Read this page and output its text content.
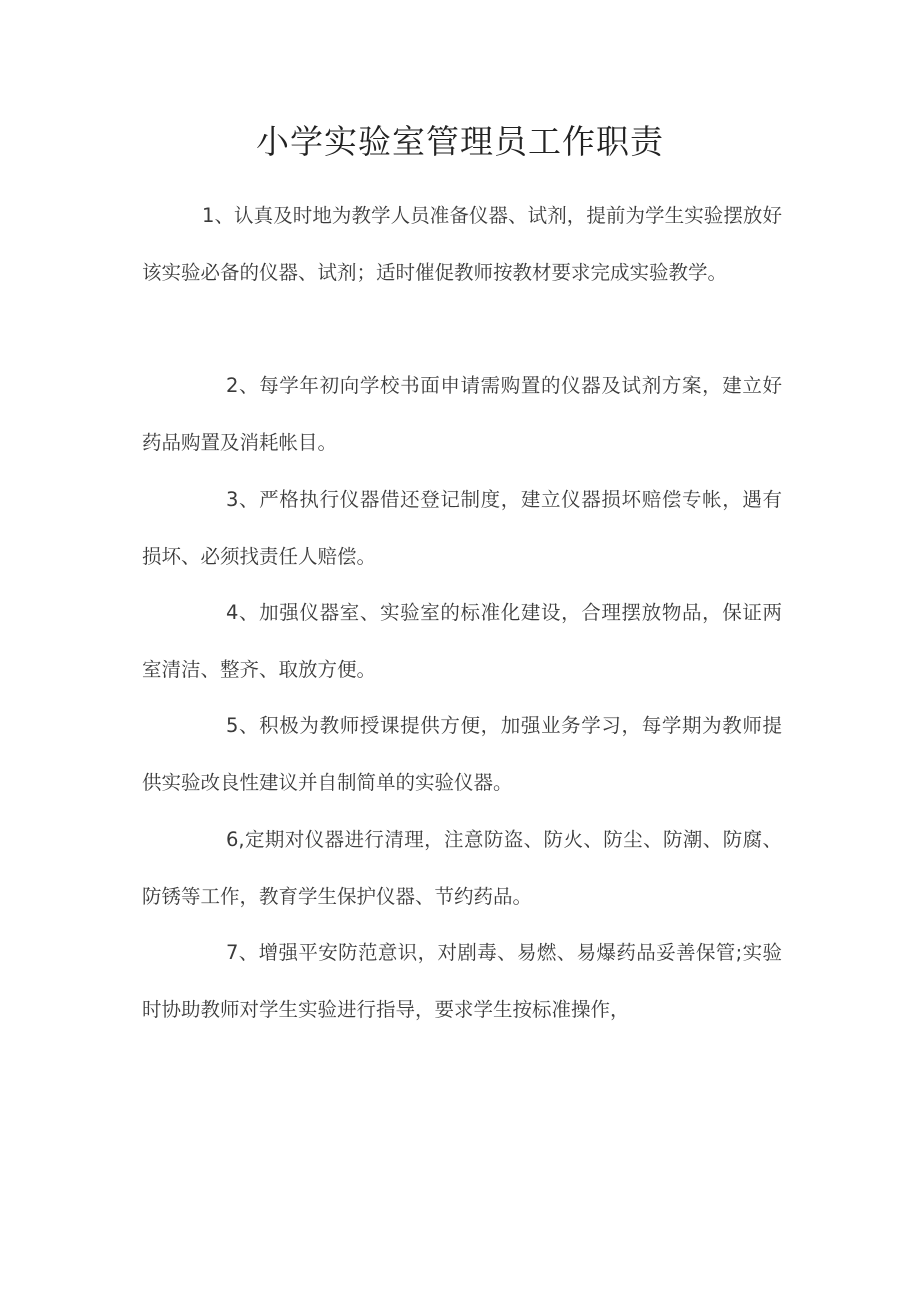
小学实验室管理员工作职责

1、认真及时地为教学人员准备仪器、试剂，提前为学生实验摆放好该实验必备的仪器、试剂；适时催促教师按教材要求完成实验教学。

2、每学年初向学校书面申请需购置的仪器及试剂方案，建立好药品购置及消耗帐目。

3、严格执行仪器借还登记制度，建立仪器损坏赔偿专帐，遇有损坏、必须找责任人赔偿。

4、加强仪器室、实验室的标准化建设，合理摆放物品，保证两室清洁、整齐、取放方便。

5、积极为教师授课提供方便，加强业务学习，每学期为教师提供实验改良性建议并自制简单的实验仪器。

6,定期对仪器进行清理，注意防盗、防火、防尘、防潮、防腐、防锈等工作，教育学生保护仪器、节约药品。

7、增强平安防范意识，对剧毒、易燃、易爆药品妥善保管;实验时协助教师对学生实验进行指导，要求学生按标准操作，
